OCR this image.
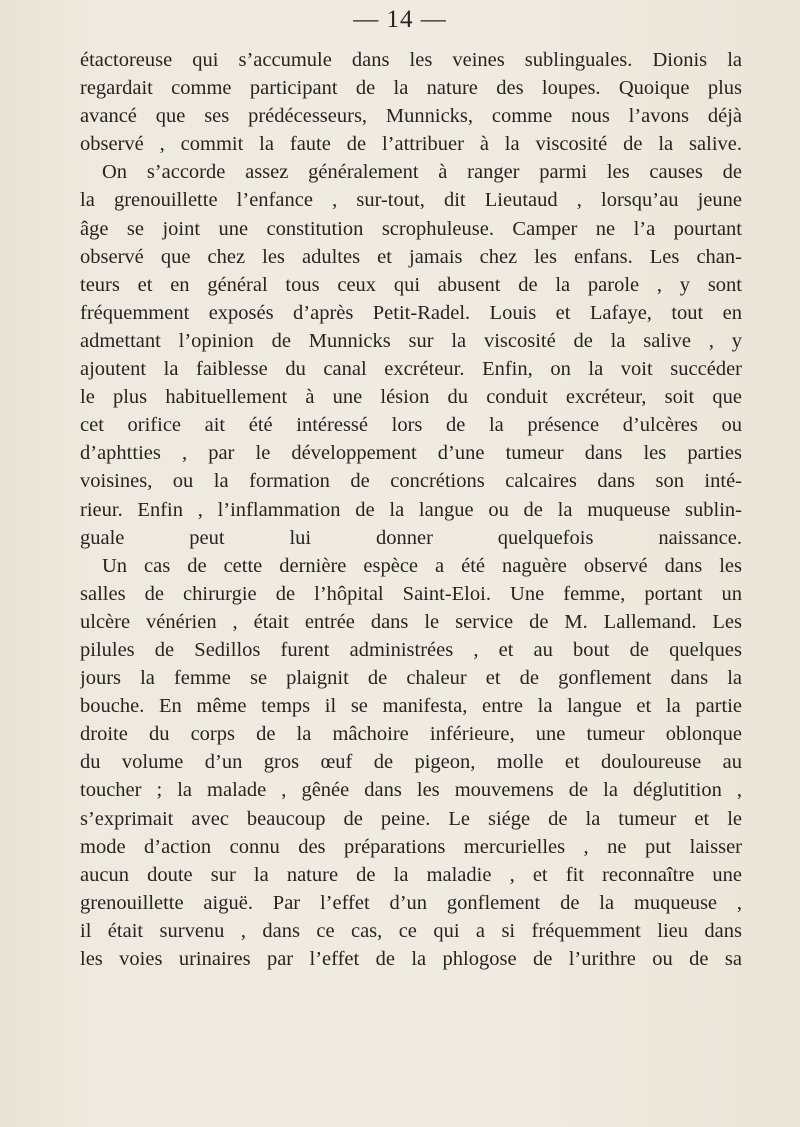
— 14 —
étactoreuse qui s’accumule dans les veines sublinguales. Dionis la
regardait comme participant de la nature des loupes. Quoique plus
avancé que ses prédécesseurs, Munnicks, comme nous l’avons déjà
observé , commit la faute de l’attribuer à la viscosité de la salive.
On s’accorde assez généralement à ranger parmi les causes de
la grenouillette l’enfance , sur-tout, dit Lieutaud , lorsqu’au jeune
âge se joint une constitution scrophuleuse. Camper ne l’a pourtant
observé que chez les adultes et jamais chez les enfans. Les chan-
teurs et en général tous ceux qui abusent de la parole , y sont
fréquemment exposés d’après Petit-Radel. Louis et Lafaye, tout en
admettant l’opinion de Munnicks sur la viscosité de la salive , y
ajoutent la faiblesse du canal excréteur. Enfin, on la voit succéder
le plus habituellement à une lésion du conduit excréteur, soit que
cet orifice ait été intéressé lors de la présence d’ulcères ou
d’aphtties , par le développement d’une tumeur dans les parties
voisines, ou la formation de concrétions calcaires dans son inté-
rieur. Enfin , l’inflammation de la langue ou de la muqueuse sublin-
guale peut lui donner quelquefois naissance.
Un cas de cette dernière espèce a été naguère observé dans les
salles de chirurgie de l’hôpital Saint-Eloi. Une femme, portant un
ulcère vénérien , était entrée dans le service de M. Lallemand. Les
pilules de Sedillos furent administrées , et au bout de quelques
jours la femme se plaignit de chaleur et de gonflement dans la
bouche. En même temps il se manifesta, entre la langue et la partie
droite du corps de la mâchoire inférieure, une tumeur oblonque
du volume d’un gros œuf de pigeon, molle et douloureuse au
toucher ; la malade , gênée dans les mouvemens de la déglutition ,
s’exprimait avec beaucoup de peine. Le siége de la tumeur et le
mode d’action connu des préparations mercurielles , ne put laisser
aucun doute sur la nature de la maladie , et fit reconnaître une
grenouillette aiguë. Par l’effet d’un gonflement de la muqueuse ,
il était survenu , dans ce cas, ce qui a si fréquemment lieu dans
les voies urinaires par l’effet de la phlogose de l’urithre ou de sa
